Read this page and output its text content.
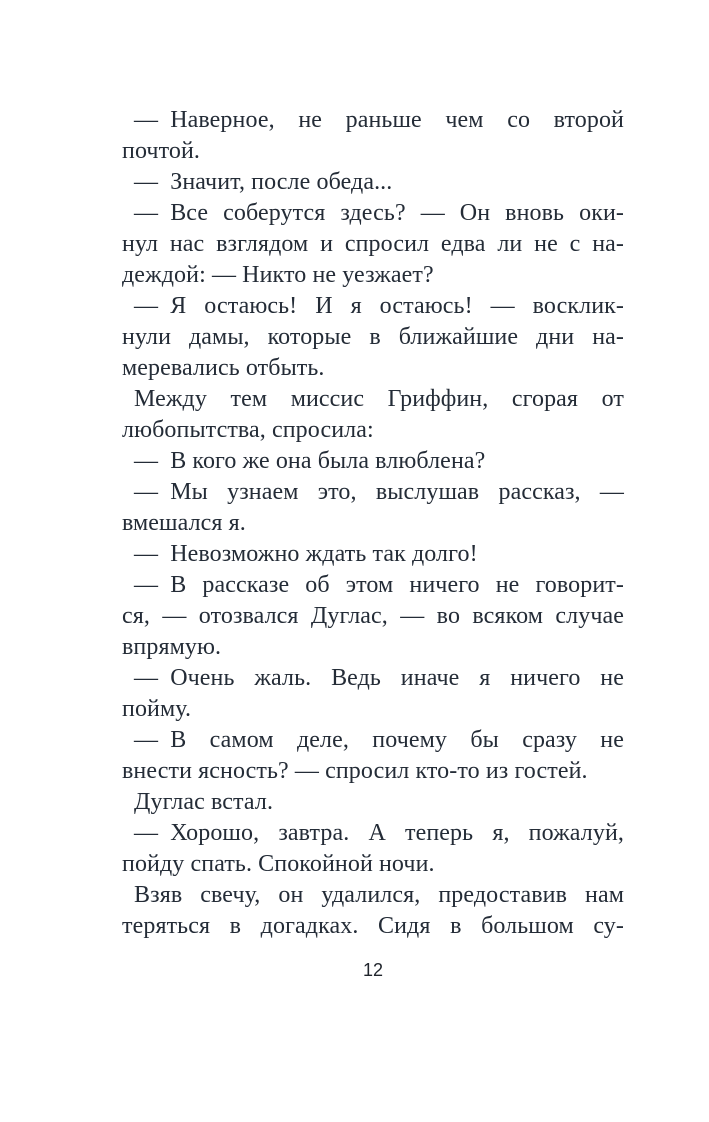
— Наверное, не раньше чем со второй
почтой.
— Значит, после обеда...
— Все соберутся здесь? — Он вновь оки-
нул нас взглядом и спросил едва ли не с на-
деждой: — Никто не уезжает?
— Я остаюсь! И я остаюсь! — восклик-
нули дамы, которые в ближайшие дни на-
меревались отбыть.
Между тем миссис Гриффин, сгорая от
любопытства, спросила:
— В кого же она была влюблена?
— Мы узнаем это, выслушав рассказ, —
вмешался я.
— Невозможно ждать так долго!
— В рассказе об этом ничего не говорит-
ся, — отозвался Дуглас, — во всяком случае
впрямую.
— Очень жаль. Ведь иначе я ничего не
пойму.
— В самом деле, почему бы сразу не
внести ясность? — спросил кто-то из гостей.
Дуглас встал.
— Хорошо, завтра. А теперь я, пожалуй,
пойду спать. Спокойной ночи.
Взяв свечу, он удалился, предоставив нам
теряться в догадках. Сидя в большом су-
12
